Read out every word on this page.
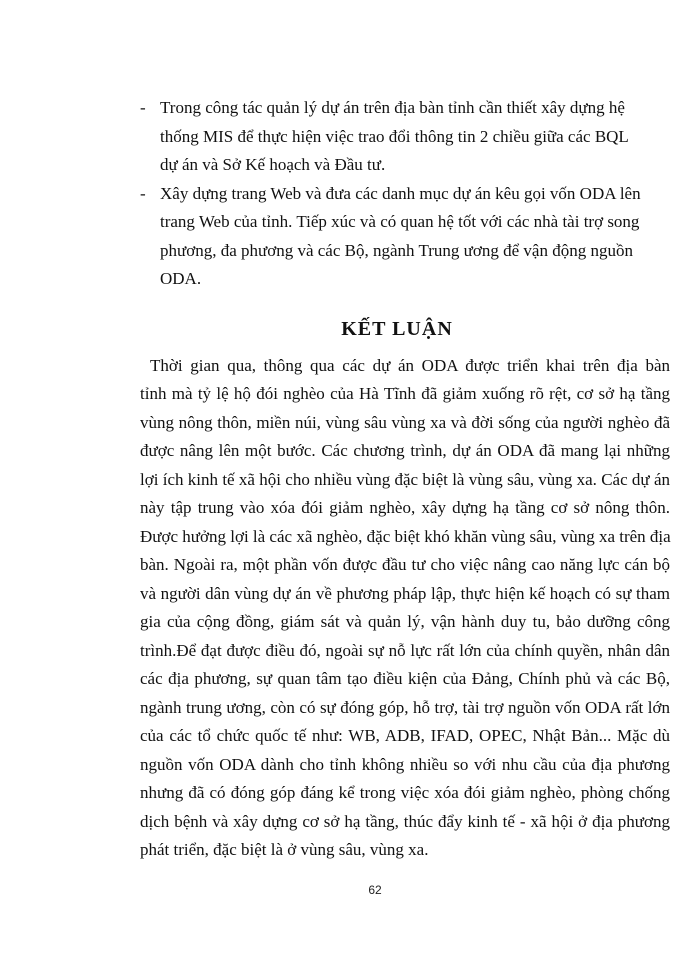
- Trong công tác quản lý dự án trên địa bàn tỉnh cần thiết xây dựng hệ
thống MIS để thực hiện việc trao đổi thông tin 2 chiều giữa các BQL
dự án và Sở Kế hoạch và Đầu tư.
- Xây dựng trang Web và đưa các danh mục dự án kêu gọi vốn ODA lên
trang Web của tỉnh. Tiếp xúc và có quan hệ tốt với các nhà tài trợ song
phương, đa phương và các Bộ, ngành Trung ương để vận động nguồn
ODA.
KẾT LUẬN
Thời gian qua, thông qua các dự án ODA được triển khai trên địa bàn
tỉnh mà tỷ lệ hộ đói nghèo của Hà Tĩnh đã giảm xuống rõ rệt, cơ sở hạ tầng
vùng nông thôn, miền núi, vùng sâu vùng xa và đời sống của người nghèo đã
được nâng lên một bước. Các chương trình, dự án ODA đã mang lại những
lợi ích kinh tế xã hội cho nhiều vùng đặc biệt là vùng sâu, vùng xa. Các dự án
này tập trung vào xóa đói giảm nghèo, xây dựng hạ tầng cơ sở nông thôn.
Được hưởng lợi là các xã nghèo, đặc biệt khó khăn vùng sâu, vùng xa trên địa
bàn. Ngoài ra, một phần vốn được đầu tư cho việc nâng cao năng lực cán bộ
và người dân vùng dự án về phương pháp lập, thực hiện kế hoạch có sự tham
gia của cộng đồng, giám sát và quản lý, vận hành duy tu, bảo dưỡng công
trình.Để đạt được điều đó, ngoài sự nỗ lực rất lớn của chính quyền, nhân dân
các địa phương, sự quan tâm tạo điều kiện của Đảng, Chính phủ và các Bộ,
ngành trung ương, còn có sự đóng góp, hỗ trợ, tài trợ nguồn vốn ODA rất lớn
của các tổ chức quốc tế như: WB, ADB, IFAD, OPEC, Nhật Bản... Mặc dù
nguồn vốn ODA dành cho tỉnh không nhiều so với nhu cầu của địa phương
nhưng đã có đóng góp đáng kể trong việc xóa đói giảm nghèo, phòng chống
dịch bệnh và xây dựng cơ sở hạ tầng, thúc đẩy kinh tế - xã hội ở địa phương
phát triển, đặc biệt là ở vùng sâu, vùng xa.
62
